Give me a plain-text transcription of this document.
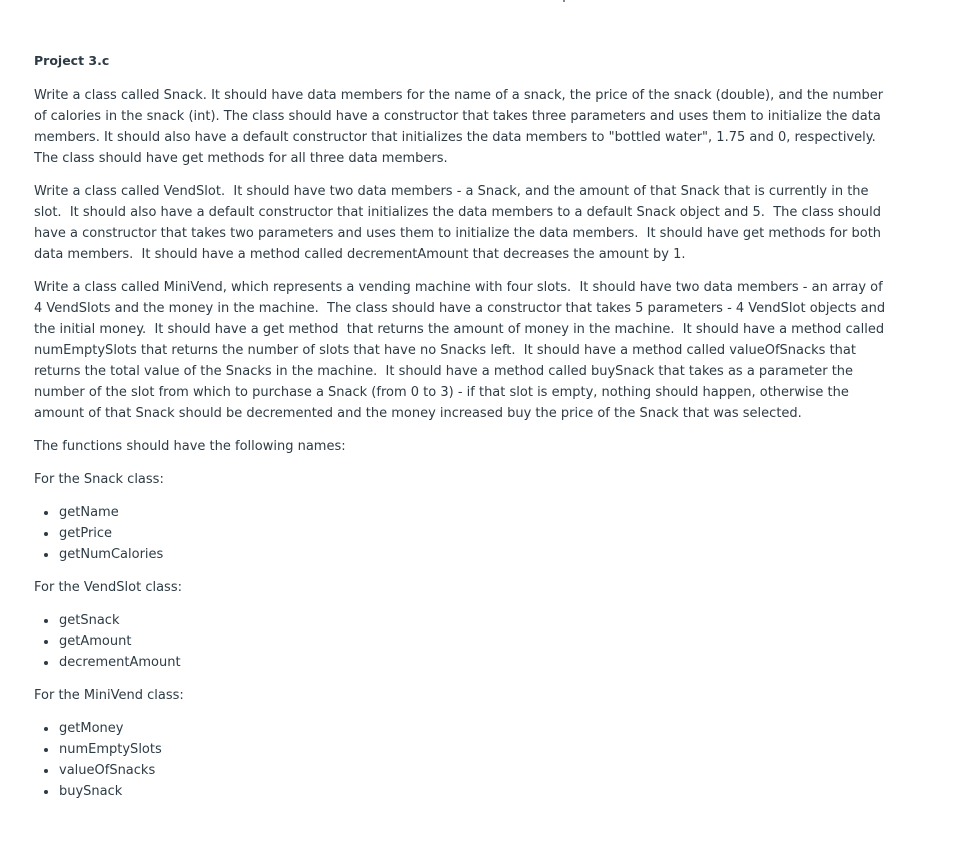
Project 3.c

Write a class called Snack. It should have data members for the name of a snack, the price of the snack (double), and the number of calories in the snack (int). The class should have a constructor that takes three parameters and uses them to initialize the data members. It should also have a default constructor that initializes the data members to "bottled water", 1.75 and 0, respectively.  The class should have get methods for all three data members.

Write a class called VendSlot.  It should have two data members - a Snack, and the amount of that Snack that is currently in the slot.  It should also have a default constructor that initializes the data members to a default Snack object and 5.  The class should have a constructor that takes two parameters and uses them to initialize the data members.  It should have get methods for both data members.  It should have a method called decrementAmount that decreases the amount by 1.

Write a class called MiniVend, which represents a vending machine with four slots.  It should have two data members - an array of 4 VendSlots and the money in the machine.  The class should have a constructor that takes 5 parameters - 4 VendSlot objects and the initial money.  It should have a get method  that returns the amount of money in the machine.  It should have a method called numEmptySlots that returns the number of slots that have no Snacks left.  It should have a method called valueOfSnacks that returns the total value of the Snacks in the machine.  It should have a method called buySnack that takes as a parameter the number of the slot from which to purchase a Snack (from 0 to 3) - if that slot is empty, nothing should happen, otherwise the amount of that Snack should be decremented and the money increased buy the price of the Snack that was selected.

The functions should have the following names:

For the Snack class:

getName
getPrice
getNumCalories

For the VendSlot class:

getSnack
getAmount
decrementAmount

For the MiniVend class:

getMoney
numEmptySlots
valueOfSnacks
buySnack
